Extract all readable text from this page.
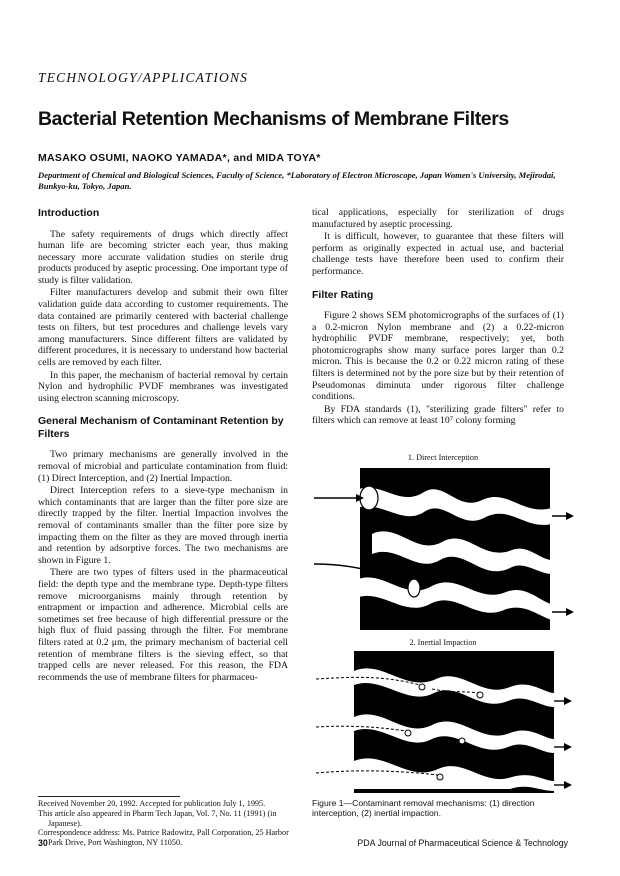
TECHNOLOGY/APPLICATIONS
Bacterial Retention Mechanisms of Membrane Filters
MASAKO OSUMI, NAOKO YAMADA*, and MIDA TOYA*
Department of Chemical and Biological Sciences, Faculty of Science, *Laboratory of Electron Microscope, Japan Women's University, Mejirodai, Bunkyo-ku, Tokyo, Japan.
Introduction

The safety requirements of drugs which directly affect human life are becoming stricter each year, thus making necessary more accurate validation studies on sterile drug products produced by aseptic processing. One important type of study is filter validation.

Filter manufacturers develop and submit their own filter validation guide data according to customer requirements. The data contained are primarily centered with bacterial challenge tests on filters, but test procedures and challenge levels vary among manufacturers. Since different filters are validated by different procedures, it is necessary to understand how bacterial cells are removed by each filter.

In this paper, the mechanism of bacterial removal by certain Nylon and hydrophilic PVDF membranes was investigated using electron scanning microscopy.

General Mechanism of Contaminant Retention by Filters

Two primary mechanisms are generally involved in the removal of microbial and particulate contamination from fluid: (1) Direct Interception, and (2) Inertial Impaction.

Direct Interception refers to a sieve-type mechanism in which contaminants that are larger than the filter pore size are directly trapped by the filter. Inertial Impaction involves the removal of contaminants smaller than the filter pore size by impacting them on the filter as they are moved through inertia and retention by adsorptive forces. The two mechanisms are shown in Figure 1.

There are two types of filters used in the pharmaceutical field: the depth type and the membrane type. Depth-type filters remove microorganisms mainly through retention by entrapment or impaction and adherence. Microbial cells are sometimes set free because of high differential pressure or the high flux of fluid passing through the filter. For membrane filters rated at 0.2 μm, the primary mechanism of bacterial cell retention of membrane filters is the sieving effect, so that trapped cells are never released. For this reason, the FDA recommends the use of membrane filters for pharmaceu-

tical applications, especially for sterilization of drugs manufactured by aseptic processing.

It is difficult, however, to guarantee that these filters will perform as originally expected in actual use, and bacterial challenge tests have therefore been used to confirm their performance.

Filter Rating

Figure 2 shows SEM photomicrographs of the surfaces of (1) a 0.2-micron Nylon membrane and (2) a 0.22-micron hydrophilic PVDF membrane, respectively; yet, both photomicrographs show many surface pores larger than 0.2 micron. This is because the 0.2 or 0.22 micron rating of these filters is determined not by the pore size but by their retention of Pseudomonas diminuta under rigorous filter challenge conditions.

By FDA standards (1), "sterilizing grade filters" refer to filters which can remove at least 10⁷ colony forming

1. Direct Interception
2. Inertial Impaction
Figure 1—Contaminant removal mechanisms: (1) direction interception, (2) inertial impaction.
Received November 20, 1992. Accepted for publication July 1, 1995.
This article also appeared in Pharm Tech Japan, Vol. 7, No. 11 (1991) (in Japanese).
Correspondence address: Ms. Patrice Radowitz, Pall Corporation, 25 Harbor Park Drive, Port Washington, NY 11050.
30	PDA Journal of Pharmaceutical Science & Technology
